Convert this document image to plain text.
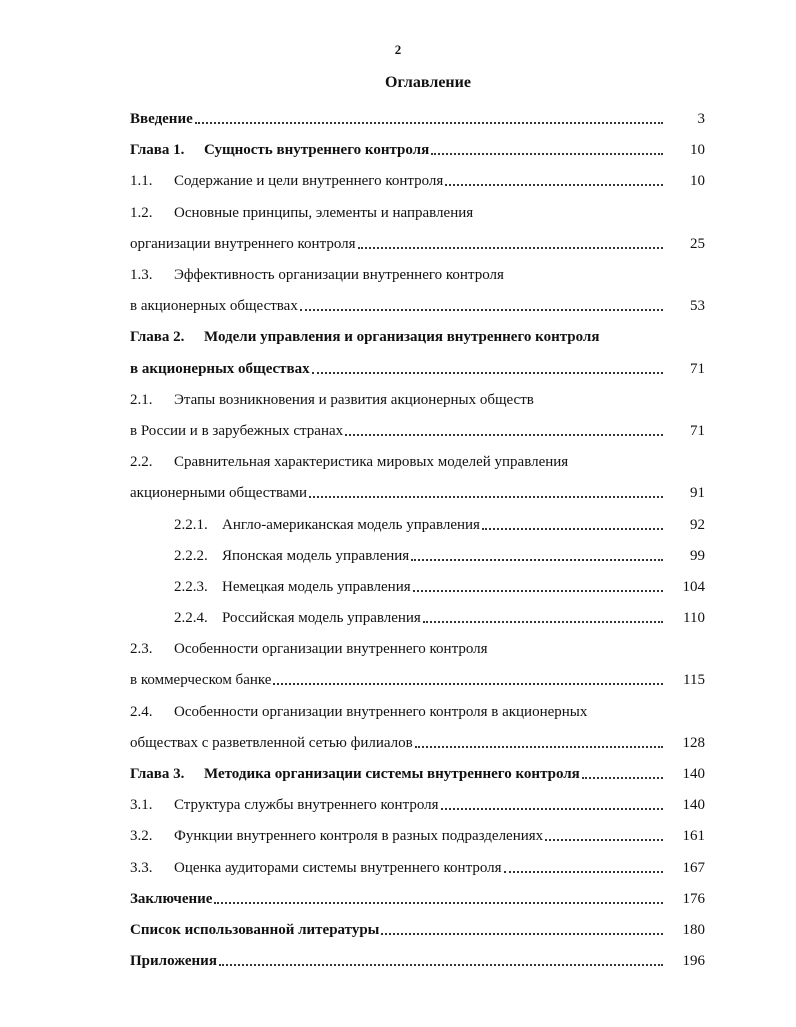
2
Оглавление
Введение	3
Глава 1.	Сущность внутреннего контроля	10
1.1.	Содержание и цели внутреннего контроля	10
1.2.	Основные принципы, элементы и направления
организации внутреннего контроля	25
1.3.	Эффективность организации внутреннего контроля
в акционерных обществах	53
Глава 2.	Модели управления и организация внутреннего контроля
в акционерных обществах	71
2.1.	Этапы возникновения и развития акционерных обществ
в России и в зарубежных странах	71
2.2.	Сравнительная характеристика мировых моделей управления
акционерными обществами	91
2.2.1. Англо-американская модель управления	92
2.2.2. Японская модель управления	99
2.2.3. Немецкая модель управления	104
2.2.4. Российская модель управления	110
2.3.	Особенности организации внутреннего контроля
в коммерческом банке	115
2.4.	Особенности организации внутреннего контроля в акционерных
обществах с разветвленной сетью филиалов	128
Глава 3.	Методика организации системы внутреннего контроля	140
3.1.	Структура службы внутреннего контроля	140
3.2.	Функции внутреннего контроля в разных подразделениях	161
3.3.	Оценка аудиторами системы внутреннего контроля	167
Заключение	176
Список использованной литературы	180
Приложения	196
